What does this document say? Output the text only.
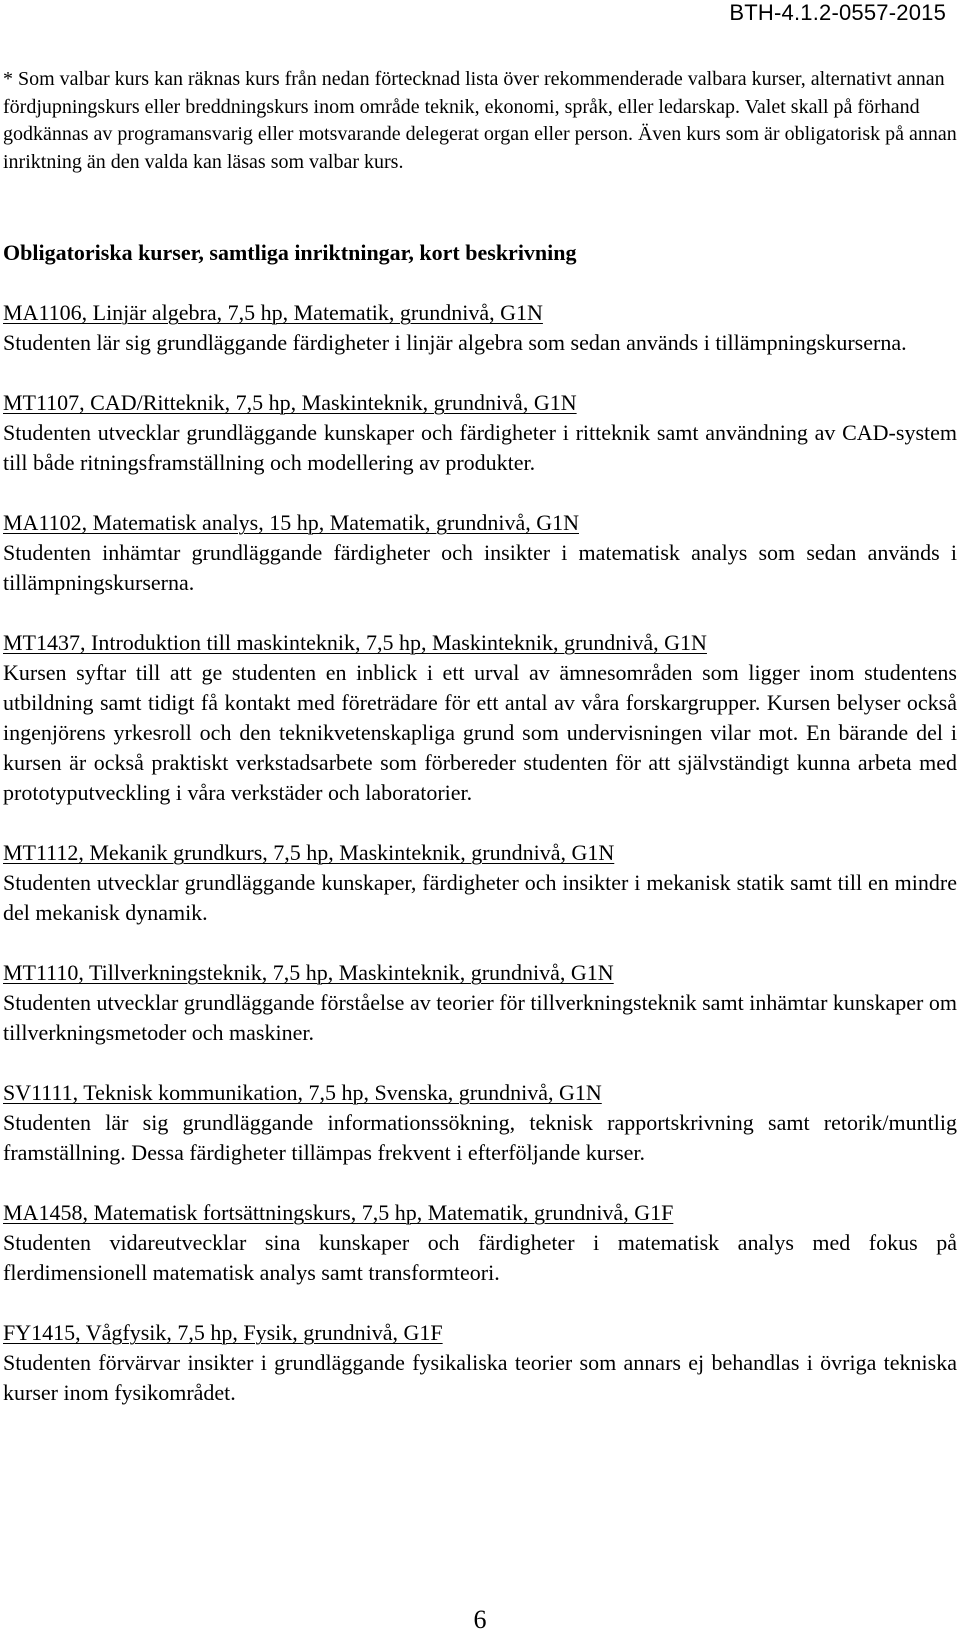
BTH-4.1.2-0557-2015

* Som valbar kurs kan räknas kurs från nedan förtecknad lista över rekommenderade valbara kurser, alternativt annan fördjupningskurs eller breddningskurs inom område teknik, ekonomi, språk, eller ledarskap. Valet skall på förhand godkännas av programansvarig eller motsvarande delegerat organ eller person. Även kurs som är obligatorisk på annan inriktning än den valda kan läsas som valbar kurs.

Obligatoriska kurser, samtliga inriktningar, kort beskrivning

MA1106, Linjär algebra, 7,5 hp, Matematik, grundnivå, G1N

Studenten lär sig grundläggande färdigheter i linjär algebra som sedan används i tillämpningskurserna.

MT1107, CAD/Ritteknik, 7,5 hp, Maskinteknik, grundnivå, G1N

Studenten utvecklar grundläggande kunskaper och färdigheter i ritteknik samt användning av CAD-system till både ritningsframställning och modellering av produkter.

MA1102, Matematisk analys, 15 hp, Matematik, grundnivå, G1N

Studenten inhämtar grundläggande färdigheter och insikter i matematisk analys som sedan används i tillämpningskurserna.

MT1437, Introduktion till maskinteknik, 7,5 hp, Maskinteknik, grundnivå, G1N

Kursen syftar till att ge studenten en inblick i ett urval av ämnesområden som ligger inom studentens utbildning samt tidigt få kontakt med företrädare för ett antal av våra forskargrupper. Kursen belyser också ingenjörens yrkesroll och den teknikvetenskapliga grund som undervisningen vilar mot. En bärande del i kursen är också praktiskt verkstadsarbete som förbereder studenten för att självständigt kunna arbeta med prototyputveckling i våra verkstäder och laboratorier.

MT1112, Mekanik grundkurs, 7,5 hp, Maskinteknik, grundnivå, G1N

Studenten utvecklar grundläggande kunskaper, färdigheter och insikter i mekanisk statik samt till en mindre del mekanisk dynamik.

MT1110, Tillverkningsteknik, 7,5 hp, Maskinteknik, grundnivå, G1N

Studenten utvecklar grundläggande förståelse av teorier för tillverkningsteknik samt inhämtar kunskaper om tillverkningsmetoder och maskiner.

SV1111, Teknisk kommunikation, 7,5 hp, Svenska, grundnivå, G1N

Studenten lär sig grundläggande informationssökning, teknisk rapportskrivning samt retorik/muntlig framställning. Dessa färdigheter tillämpas frekvent i efterföljande kurser.

MA1458, Matematisk fortsättningskurs, 7,5 hp, Matematik, grundnivå, G1F

Studenten vidareutvecklar sina kunskaper och färdigheter i matematisk analys med fokus på flerdimensionell matematisk analys samt transformteori.

FY1415, Vågfysik, 7,5 hp, Fysik, grundnivå, G1F

Studenten förvärvar insikter i grundläggande fysikaliska teorier som annars ej behandlas i övriga tekniska kurser inom fysikområdet.

6
